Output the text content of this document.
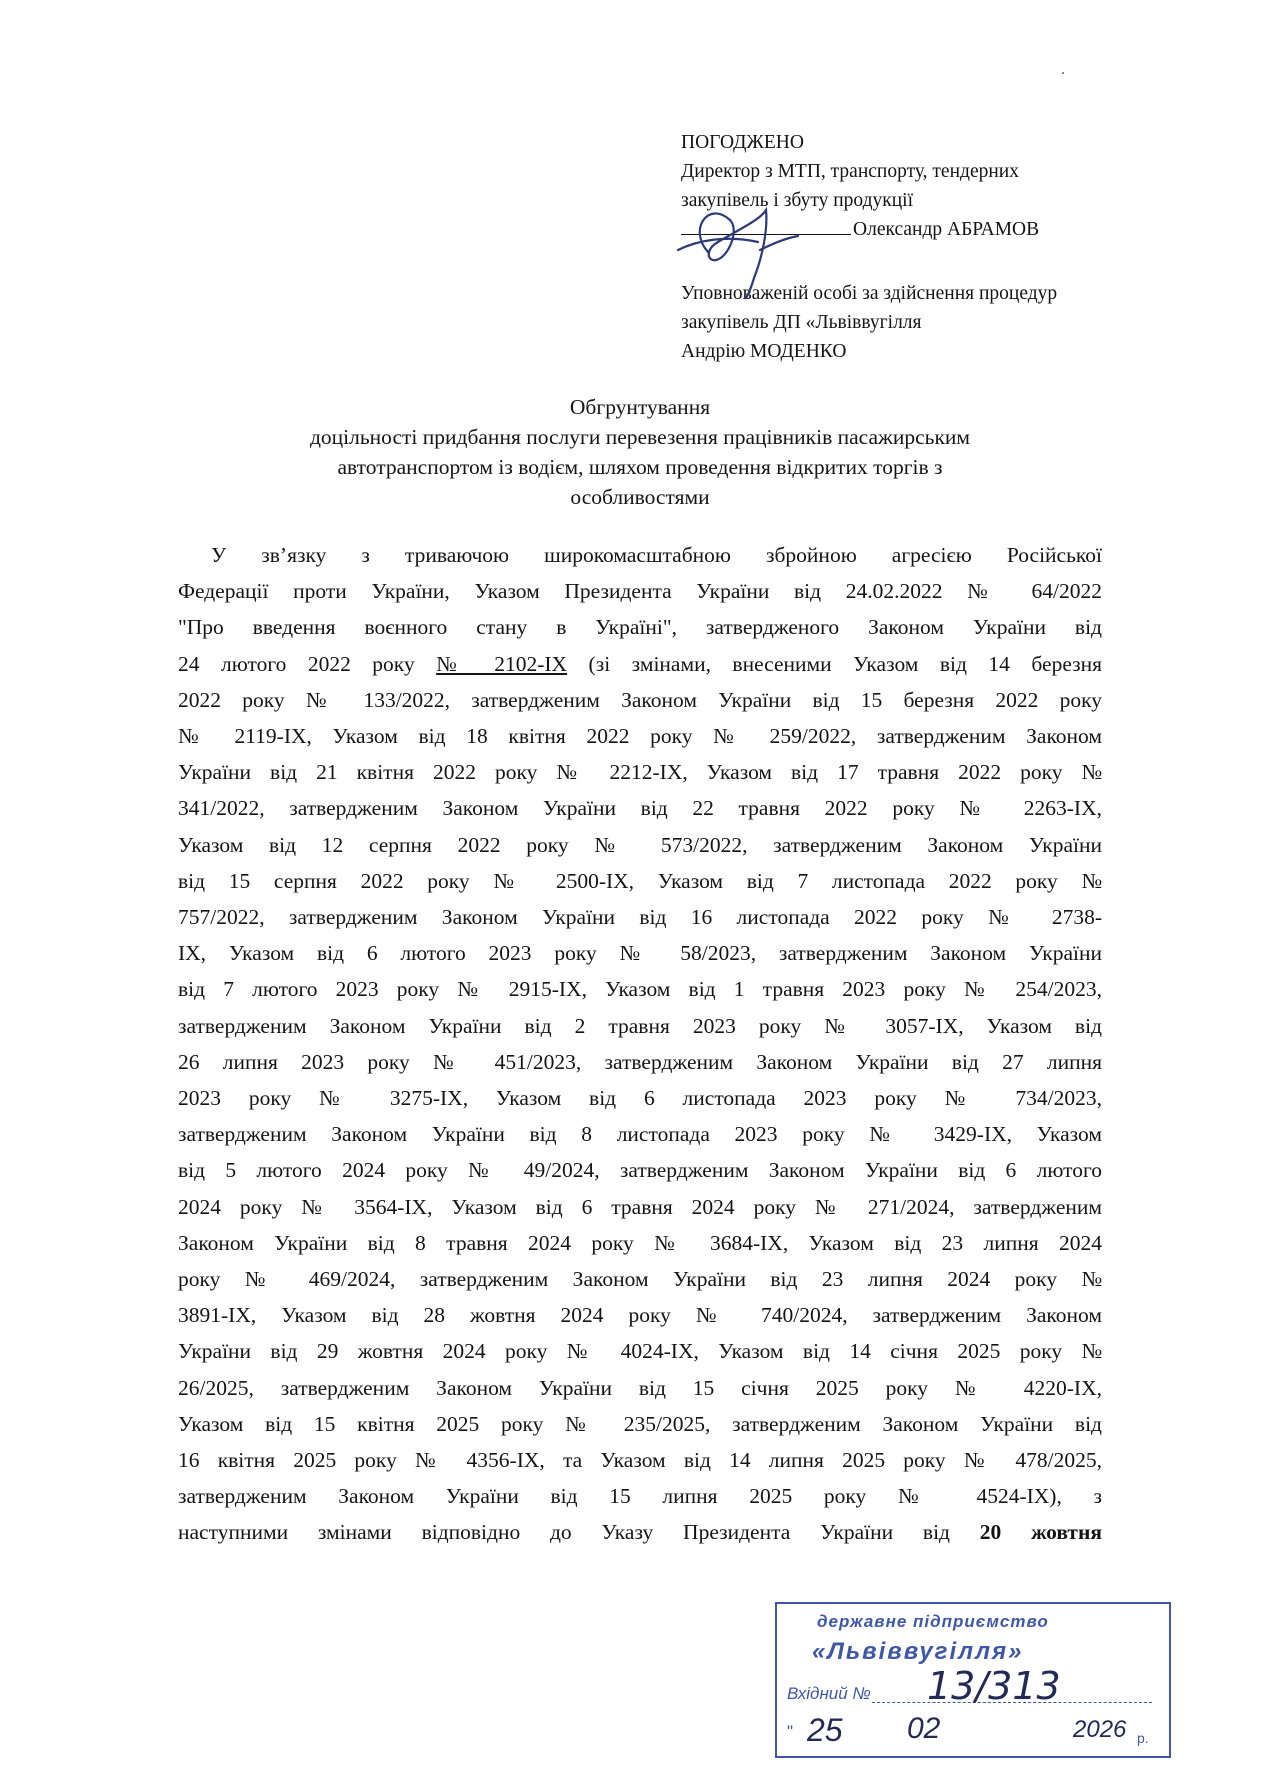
ПОГОДЖЕНО
Директор з МТП, транспорту, тендерних
закупівель і збуту продукції
Олександр АБРАМОВ
Уповноваженій особі за здійснення процедур
закупівель ДП «Львіввугілля
Андрію МОДЕНКО
Обгрунтування
доцільності придбання послуги перевезення працівників пасажирським
автотранспортом із водієм, шляхом проведення відкритих торгів з
особливостями
У зв’язку з триваючою широкомасштабною збройною агресією Російської
Федерації проти України, Указом Президента України від 24.02.2022 № 64/2022
"Про введення воєнного стану в Україні", затвердженого Законом України від
24 лютого 2022 року № 2102-IX (зі змінами, внесеними Указом від 14 березня
2022 року № 133/2022, затвердженим Законом України від 15 березня 2022 року
№ 2119-IX, Указом від 18 квітня 2022 року № 259/2022, затвердженим Законом
України від 21 квітня 2022 року № 2212-IX, Указом від 17 травня 2022 року №
341/2022, затвердженим Законом України від 22 травня 2022 року № 2263-IX,
Указом від 12 серпня 2022 року № 573/2022, затвердженим Законом України
від 15 серпня 2022 року № 2500-IX, Указом від 7 листопада 2022 року №
757/2022, затвердженим Законом України від 16 листопада 2022 року № 2738-
IX, Указом від 6 лютого 2023 року № 58/2023, затвердженим Законом України
від 7 лютого 2023 року № 2915-IX, Указом від 1 травня 2023 року № 254/2023,
затвердженим Законом України від 2 травня 2023 року № 3057-IX, Указом від
26 липня 2023 року № 451/2023, затвердженим Законом України від 27 липня
2023 року № 3275-IX, Указом від 6 листопада 2023 року № 734/2023,
затвердженим Законом України від 8 листопада 2023 року № 3429-IX, Указом
від 5 лютого 2024 року № 49/2024, затвердженим Законом України від 6 лютого
2024 року № 3564-IX, Указом від 6 травня 2024 року № 271/2024, затвердженим
Законом України від 8 травня 2024 року № 3684-IX, Указом від 23 липня 2024
року № 469/2024, затвердженим Законом України від 23 липня 2024 року №
3891-IX, Указом від 28 жовтня 2024 року № 740/2024, затвердженим Законом
України від 29 жовтня 2024 року № 4024-IX, Указом від 14 січня 2025 року №
26/2025, затвердженим Законом України від 15 січня 2025 року № 4220-IX,
Указом від 15 квітня 2025 року № 235/2025, затвердженим Законом України від
16 квітня 2025 року № 4356-IX, та Указом від 14 липня 2025 року № 478/2025,
затвердженим Законом України від 15 липня 2025 року № 4524-IX), з
наступними змінами відповідно до Указу Президента України від 20 жовтня
державне підприємство
«Львіввугілля»
Вхідний № 13/313
" 25 02	2026 р.
